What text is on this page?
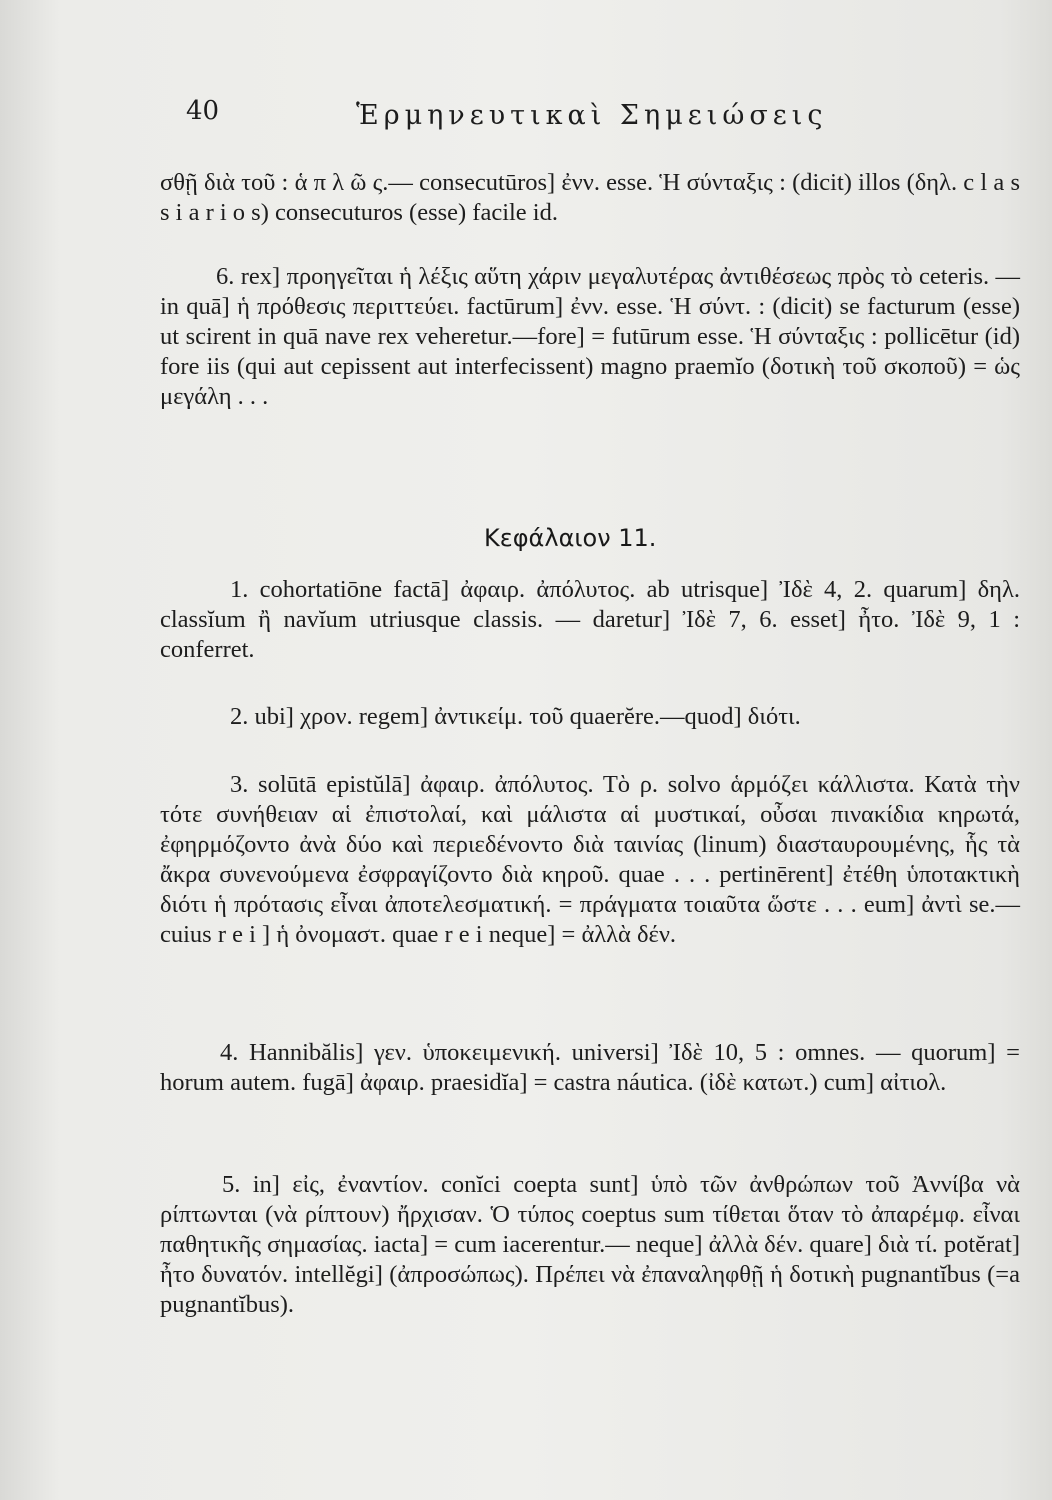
40	Ἑρμηνευτικαὶ Σημειώσεις
σθῇ διὰ τοῦ : ἁ π λ ῶ ς.— consecutūros] ἐνν. esse. Ἡ σύνταξις : (dicit) illos (δηλ. c l a s s i a r i o s) consecuturos (esse) facile id.
6. rex] προηγεῖται ἡ λέξις αὕτη χάριν μεγαλυτέρας ἀντιθέσεως πρὸς τὸ ceteris. — in quā] ἡ πρόθεσις περιττεύει. factūrum] ἐνν. esse. Ἡ σύντ. : (dicit) se facturum (esse) ut scirent in quā nave rex veheretur.—fore] = futūrum esse. Ἡ σύνταξις : pollicētur (id) fore iis (qui aut cepissent aut interfecissent) magno praemĭo (δοτικὴ τοῦ σκοποῦ) = ὡς μεγάλη . . .
Κεφάλαιον 11.
1. cohortatiōne factā] ἀφαιρ. ἀπόλυτος. ab utrisque] Ἰδὲ 4, 2. quarum] δηλ. classĭum ἢ navĭum utriusque classis. — daretur] Ἰδὲ 7, 6. esset] ἦτο. Ἰδὲ 9, 1 : conferret.
2. ubi] χρον. regem] ἀντικείμ. τοῦ quaerĕre.—quod] διότι.
3. solūtā epistŭlā] ἀφαιρ. ἀπόλυτος. Τὸ ρ. solvo ἁρμόζει κάλλιστα. Κατὰ τὴν τότε συνήθειαν αἱ ἐπιστολαί, καὶ μάλιστα αἱ μυστικαί, οὖσαι πινακίδια κηρωτά, ἐφηρμόζοντο ἀνὰ δύο καὶ περιεδένοντο διὰ ταινίας (linum) διασταυρουμένης, ἧς τὰ ἄκρα συνενούμενα ἐσφραγίζοντο διὰ κηροῦ. quae . . . pertinērent] ἐτέθη ὑποτακτικὴ διότι ἡ πρότασις εἶναι ἀποτελεσματική. = πράγματα τοιαῦτα ὥστε . . . eum] ἀντὶ se.—cuius r e i ] ἡ ὀνομαστ. quae r e i neque] = ἀλλὰ δέν.
4. Hannibălis] γεν. ὑποκειμενική. universi] Ἰδὲ 10, 5 : omnes. — quorum] = horum autem. fugā] ἀφαιρ. praesidĭa] = castra náutica. (ἰδὲ κατωτ.) cum] αἰτιολ.
5. in] εἰς, ἐναντίον. conĭci coepta sunt] ὑπὸ τῶν ἀνθρώπων τοῦ Ἀννίβα νὰ ρίπτωνται (νὰ ρίπτουν) ἤρχισαν. Ὁ τύπος coeptus sum τίθεται ὅταν τὸ ἀπαρέμφ. εἶναι παθητικῆς σημασίας. iacta] = cum iacerentur.— neque] ἀλλὰ δέν. quare] διὰ τί. potĕrat] ἦτο δυνατόν. intellĕgi] (ἀπροσώπως). Πρέπει νὰ ἐπαναληφθῇ ἡ δοτικὴ pugnantĭbus (=a pugnantĭbus).
